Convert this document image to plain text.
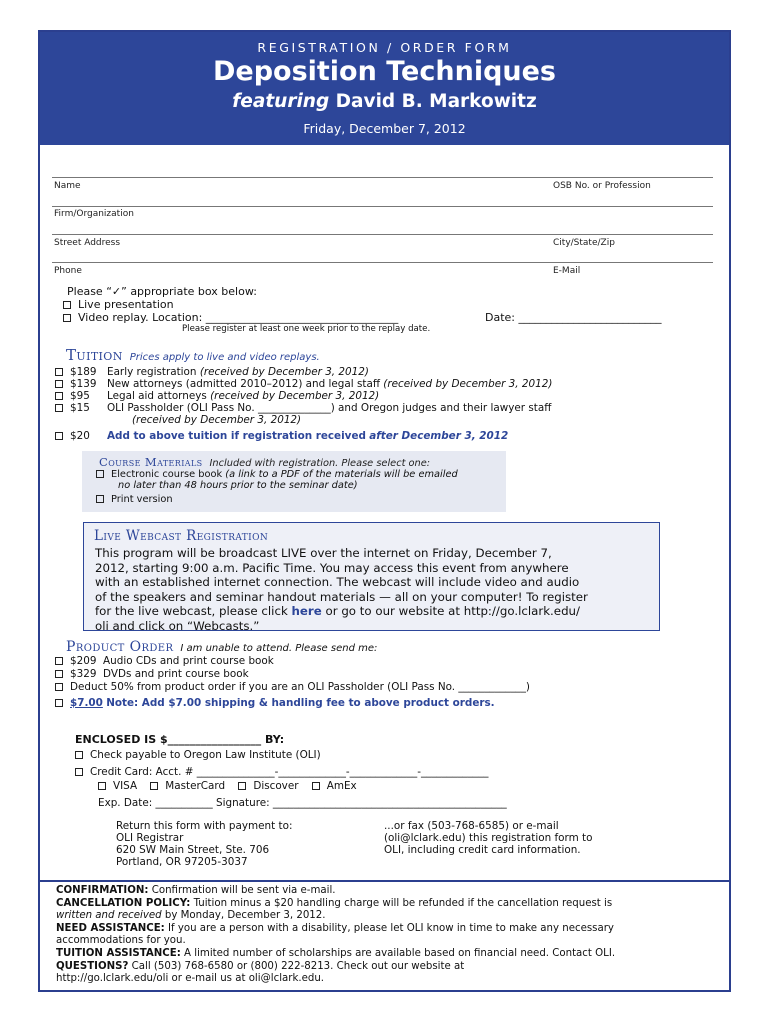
REGISTRATION / ORDER FORM
Deposition Techniques
featuring David B. Markowitz
Friday, December 7, 2012
Name	OSB No. or Profession
Firm/Organization
Street Address	City/State/Zip
Phone	E-Mail
Please “✓” appropriate box below:
Live presentation
Video replay. Location: ___________________________________	Date: __________________________
Please register at least one week prior to the replay date.
Tuition Prices apply to live and video replays.
$189 Early registration (received by December 3, 2012)
$139 New attorneys (admitted 2010–2012) and legal staff (received by December 3, 2012)
$95 Legal aid attorneys (received by December 3, 2012)
$15 OLI Passholder (OLI Pass No. ______________) and Oregon judges and their lawyer staff
(received by December 3, 2012)
$20 Add to above tuition if registration received after December 3, 2012
Course Materials Included with registration. Please select one:
Electronic course book (a link to a PDF of the materials will be emailed
no later than 48 hours prior to the seminar date)
Print version
Live Webcast Registration
This program will be broadcast LIVE over the internet on Friday, December 7,
2012, starting 9:00 a.m. Pacific Time. You may access this event from anywhere
with an established internet connection. The webcast will include video and audio
of the speakers and seminar handout materials — all on your computer! To register
for the live webcast, please click here or go to our website at http://go.lclark.edu/
oli and click on “Webcasts.”
Product Order I am unable to attend. Please send me:
$209  Audio CDs and print course book
$329  DVDs and print course book
Deduct 50% from product order if you are an OLI Passholder (OLI Pass No. _____________)
$7.00 Note: Add $7.00 shipping & handling fee to above product orders.
ENCLOSED IS $_________________ BY:
Check payable to Oregon Law Institute (OLI)
Credit Card: Acct. # _______________-_____________-_____________-_____________
VISA	MasterCard	Discover	AmEx
Exp. Date: ___________ Signature: _____________________________________________
Return this form with payment to:
OLI Registrar
620 SW Main Street, Ste. 706
Portland, OR 97205-3037
...or fax (503-768-6585) or e-mail
(oli@lclark.edu) this registration form to
OLI, including credit card information.
CONFIRMATION: Confirmation will be sent via e-mail.
CANCELLATION POLICY: Tuition minus a $20 handling charge will be refunded if the cancellation request is
written and received by Monday, December 3, 2012.
NEED ASSISTANCE: If you are a person with a disability, please let OLI know in time to make any necessary
accommodations for you.
TUITION ASSISTANCE: A limited number of scholarships are available based on financial need. Contact OLI.
QUESTIONS? Call (503) 768-6580 or (800) 222-8213. Check out our website at
http://go.lclark.edu/oli or e-mail us at oli@lclark.edu.
